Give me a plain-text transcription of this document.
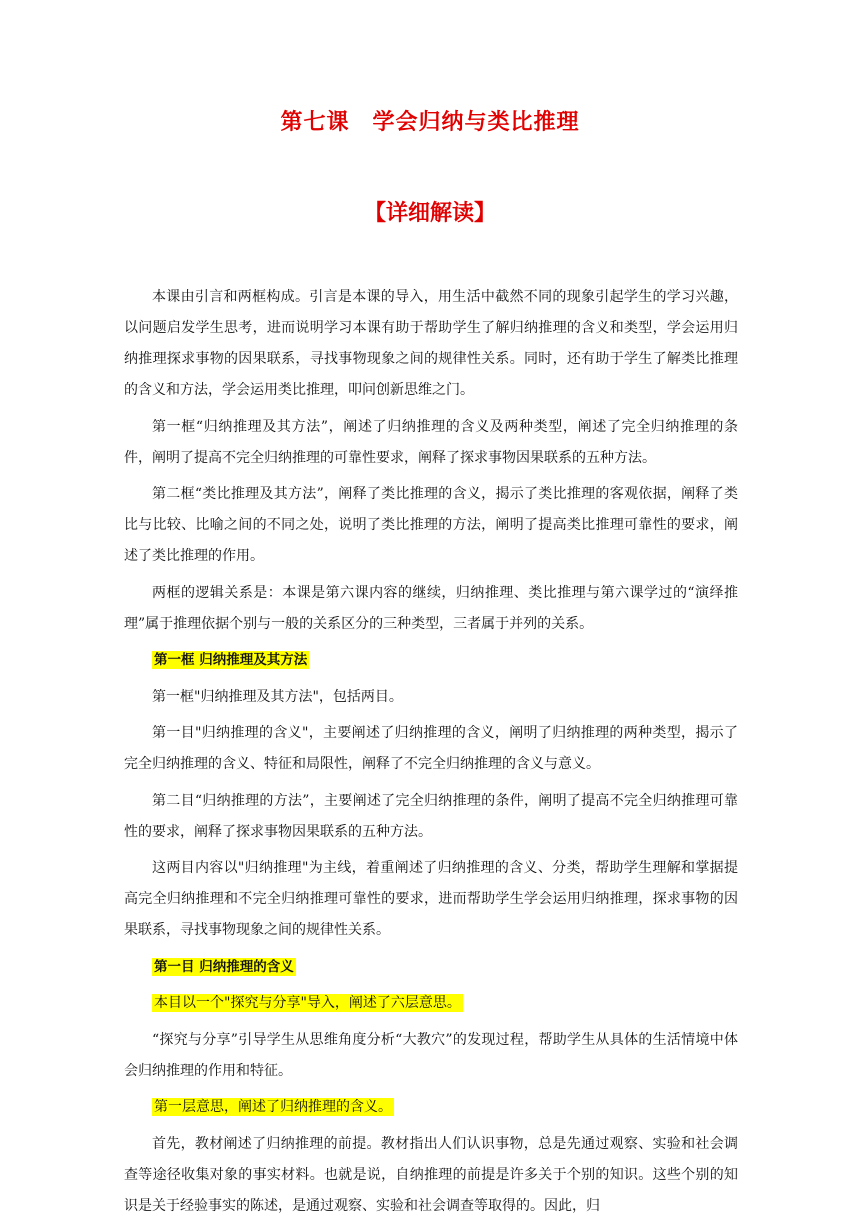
第七课　学会归纳与类比推理
【详细解读】

本课由引言和两框构成。引言是本课的导入，用生活中截然不同的现象引起学生的学习兴趣，以问题启发学生思考，进而说明学习本课有助于帮助学生了解归纳推理的含义和类型，学会运用归纳推理探求事物的因果联系，寻找事物现象之间的规律性关系。同时，还有助于学生了解类比推理的含义和方法，学会运用类比推理，叩问创新思维之门。

第一框“归纳推理及其方法”，阐述了归纳推理的含义及两种类型，阐述了完全归纳推理的条件，阐明了提高不完全归纳推理的可靠性要求，阐释了探求事物因果联系的五种方法。

第二框“类比推理及其方法”，阐释了类比推理的含义，揭示了类比推理的客观依据，阐释了类比与比较、比喻之间的不同之处，说明了类比推理的方法，阐明了提高类比推理可靠性的要求，阐述了类比推理的作用。

两框的逻辑关系是：本课是第六课内容的继续，归纳推理、类比推理与第六课学过的“演绎推理”属于推理依据个别与一般的关系区分的三种类型，三者属于并列的关系。

第一框 归纳推理及其方法

第一框"归纳推理及其方法"，包括两目。

第一目"归纳推理的含义"，主要阐述了归纳推理的含义，阐明了归纳推理的两种类型，揭示了完全归纳推理的含义、特征和局限性，阐释了不完全归纳推理的含义与意义。

第二目“归纳推理的方法”，主要阐述了完全归纳推理的条件，阐明了提高不完全归纳推理可靠性的要求，阐释了探求事物因果联系的五种方法。

这两目内容以"归纳推理"为主线，着重阐述了归纳推理的含义、分类，帮助学生理解和掌据提高完全归纳推理和不完全归纳推理可靠性的要求，进而帮助学生学会运用归纳推理，探求事物的因果联系，寻找事物现象之间的规律性关系。

第一目 归纳推理的含义

本目以一个"探究与分享"导入，阐述了六层意思。

“探究与分享”引导学生从思维角度分析“大教穴”的发现过程，帮助学生从具体的生活情境中体会归纳推理的作用和特征。

第一层意思，阐述了归纳推理的含义。

首先，教材阐述了归纳推理的前提。教材指出人们认识事物，总是先通过观察、实验和社会调查等途径收集对象的事实材料。也就是说，自纳推理的前提是许多关于个别的知识。这些个别的知识是关于经验事实的陈述，是通过观察、实验和社会调查等取得的。因此，归
